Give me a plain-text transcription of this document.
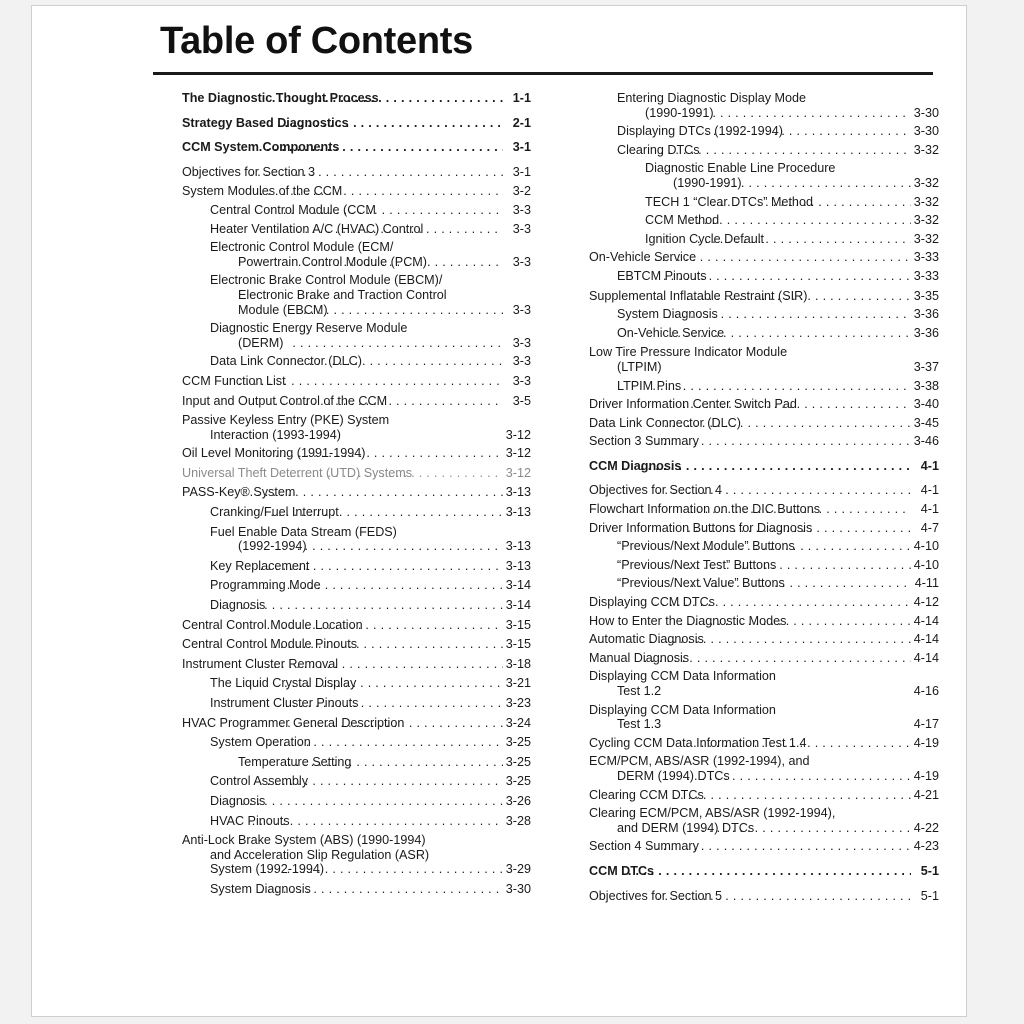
Table of Contents
The Diagnostic Thought Process . . .	1-1
Strategy Based Diagnostics . . .	2-1
CCM System Components . . .	3-1
Objectives for Section 3 . . .	3-1
System Modules of the CCM . . .	3-2
Central Control Module (CCM . . .	3-3
Heater Ventilation A/C (HVAC) Control . . .	3-3
Electronic Control Module (ECM/
Powertrain Control Module (PCM) . . .	3-3
Electronic Brake Control Module (EBCM)/
Electronic Brake and Traction Control
Module (EBCM) . . .	3-3
Diagnostic Energy Reserve Module
(DERM) . . .	3-3
Data Link Connector (DLC) . . .	3-3
CCM Function List . . .	3-3
Input and Output Control of the CCM . . .	3-5
Passive Keyless Entry (PKE) System
Interaction (1993-1994)	3-12
Oil Level Monitoring (1991-1994) . . .	3-12
Universal Theft Deterrent (UTD) Systems . . .	3-12
PASS-Key® System . . .	3-13
Cranking/Fuel Interrupt . . .	3-13
Fuel Enable Data Stream (FEDS)
(1992-1994) . . .	3-13
Key Replacement . . .	3-13
Programming Mode . . .	3-14
Diagnosis . . .	3-14
Central Control Module Location . . .	3-15
Central Control Module Pinouts . . .	3-15
Instrument Cluster Removal . . .	3-18
The Liquid Crystal Display . . .	3-21
Instrument Cluster Pinouts . . .	3-23
HVAC Programmer General Description . . .	3-24
System Operation . . .	3-25
Temperature Setting . . .	3-25
Control Assembly . . .	3-25
Diagnosis . . .	3-26
HVAC Pinouts . . .	3-28
Anti-Lock Brake System (ABS) (1990-1994)
and Acceleration Slip Regulation (ASR)
System (1992-1994) . . .	3-29
System Diagnosis . . .	3-30
Entering Diagnostic Display Mode
(1990-1991) . . .	3-30
Displaying DTCs (1992-1994) . . .	3-30
Clearing DTCs . . .	3-32
Diagnostic Enable Line Procedure
(1990-1991) . . .	3-32
TECH 1 “Clear DTCs” Method . . .	3-32
CCM Method . . .	3-32
Ignition Cycle Default . . .	3-32
On-Vehicle Service . . .	3-33
EBTCM Pinouts . . .	3-33
Supplemental Inflatable Restraint (SIR) . . .	3-35
System Diagnosis . . .	3-36
On-Vehicle Service . . .	3-36
Low Tire Pressure Indicator Module
(LTPIM)	3-37
LTPIM Pins . . .	3-38
Driver Information Center Switch Pad . . .	3-40
Data Link Connector (DLC) . . .	3-45
Section 3 Summary . . .	3-46
CCM Diagnosis . . .	4-1
Objectives for Section 4 . . .	4-1
Flowchart Information on the DIC Buttons . . .	4-1
Driver Information Buttons for Diagnosis . . .	4-7
“Previous/Next Module” Buttons . . .	4-10
“Previous/Next Test” Buttons . . .	4-10
“Previous/Next Value” Buttons . . .	4-11
Displaying CCM DTCs . . .	4-12
How to Enter the Diagnostic Modes . . .	4-14
Automatic Diagnosis . . .	4-14
Manual Diagnosis . . .	4-14
Displaying CCM Data Information
Test 1.2	4-16
Displaying CCM Data Information
Test 1.3	4-17
Cycling CCM Data Information Test 1.4 . . .	4-19
ECM/PCM, ABS/ASR (1992-1994), and
DERM (1994) DTCs . . .	4-19
Clearing CCM DTCs . . .	4-21
Clearing ECM/PCM, ABS/ASR (1992-1994),
and DERM (1994) DTCs . . .	4-22
Section 4 Summary . . .	4-23
CCM DTCs . . .	5-1
Objectives for Section 5 . . .	5-1
